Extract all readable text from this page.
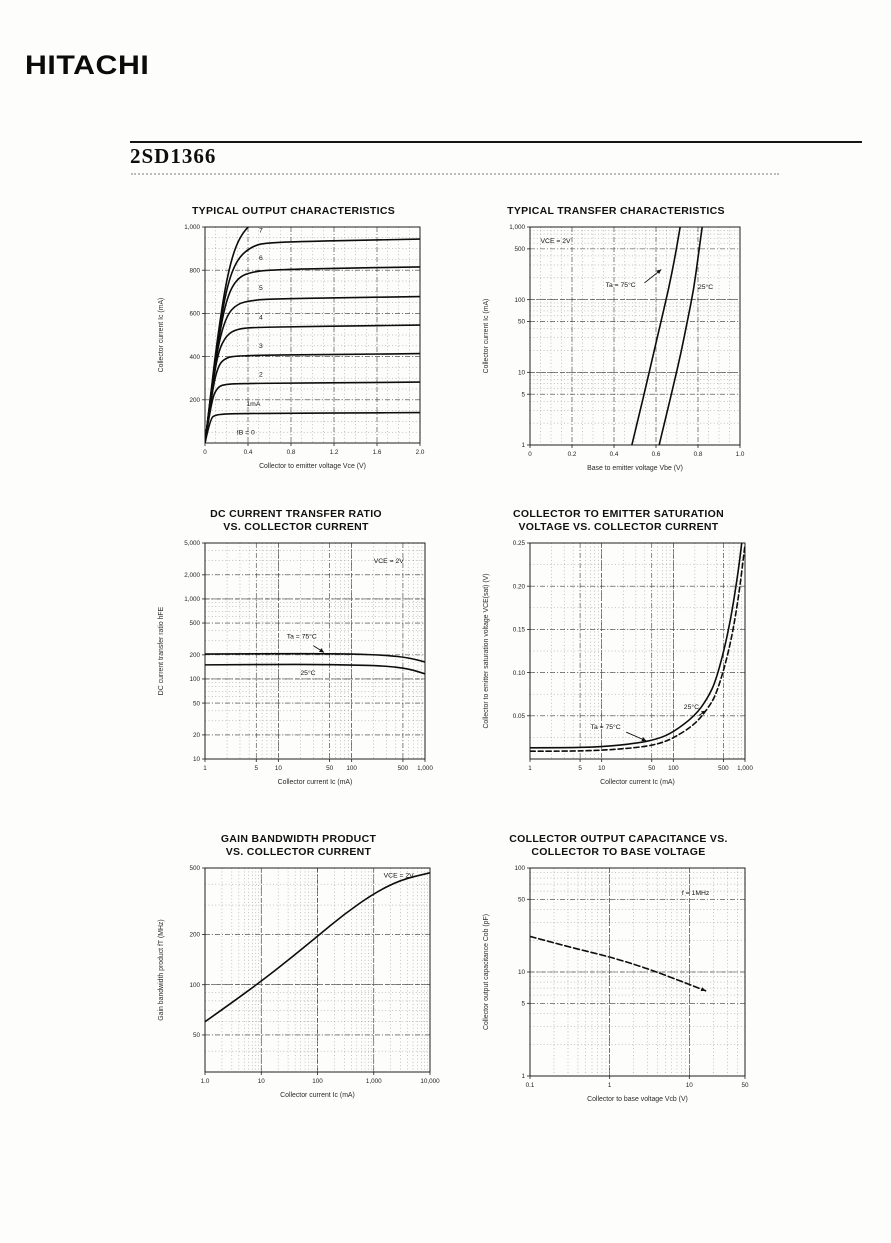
HITACHI
2SD1366
TYPICAL OUTPUT CHARACTERISTICS
0	0.4	0.8	1.2	1.6	2.0
200
400
600
800
1,000	7
6
5
4
3
2
1mA
IB = 0
Collector to emitter voltage Vce (V)
Collector current Ic (mA)
TYPICAL TRANSFER CHARACTERISTICS
0	0.2	0.4	0.6	0.8	1.0
1
5
10
50
100
500
1,000
VCE = 2V
Ta = 75°C	25°C
Base to emitter voltage Vbe (V)
Collector current Ic (mA)
DC CURRENT TRANSFER RATIO
VS. COLLECTOR CURRENT
1	5	10	50 100	500 1,000
10
20
50
100
200
500
1,000
2,000
5,000
VCE = 2V
Ta = 75°C
25°C
Collector current Ic (mA)
DC current transfer ratio hFE
COLLECTOR TO EMITTER SATURATION
VOLTAGE VS. COLLECTOR CURRENT
1	5	10	50 100	500 1,000
0.05
0.10
0.15
0.20
0.25
Ta = 75°C
25°C
Collector current Ic (mA)
Collector to emitter saturation voltage VCE(sat) (V)
GAIN BANDWIDTH PRODUCT
VS. COLLECTOR CURRENT
1.0	10	100	1,000	10,000
50
100
200
500
VCE = 2V
Collector current Ic (mA)
Gain bandwidth product fT (MHz)
COLLECTOR OUTPUT CAPACITANCE VS.
COLLECTOR TO BASE VOLTAGE
0.1	1	10	50
1
5
10
50
100
f = 1MHz
Collector to base voltage Vcb (V)
Collector output capacitance Cob (pF)
